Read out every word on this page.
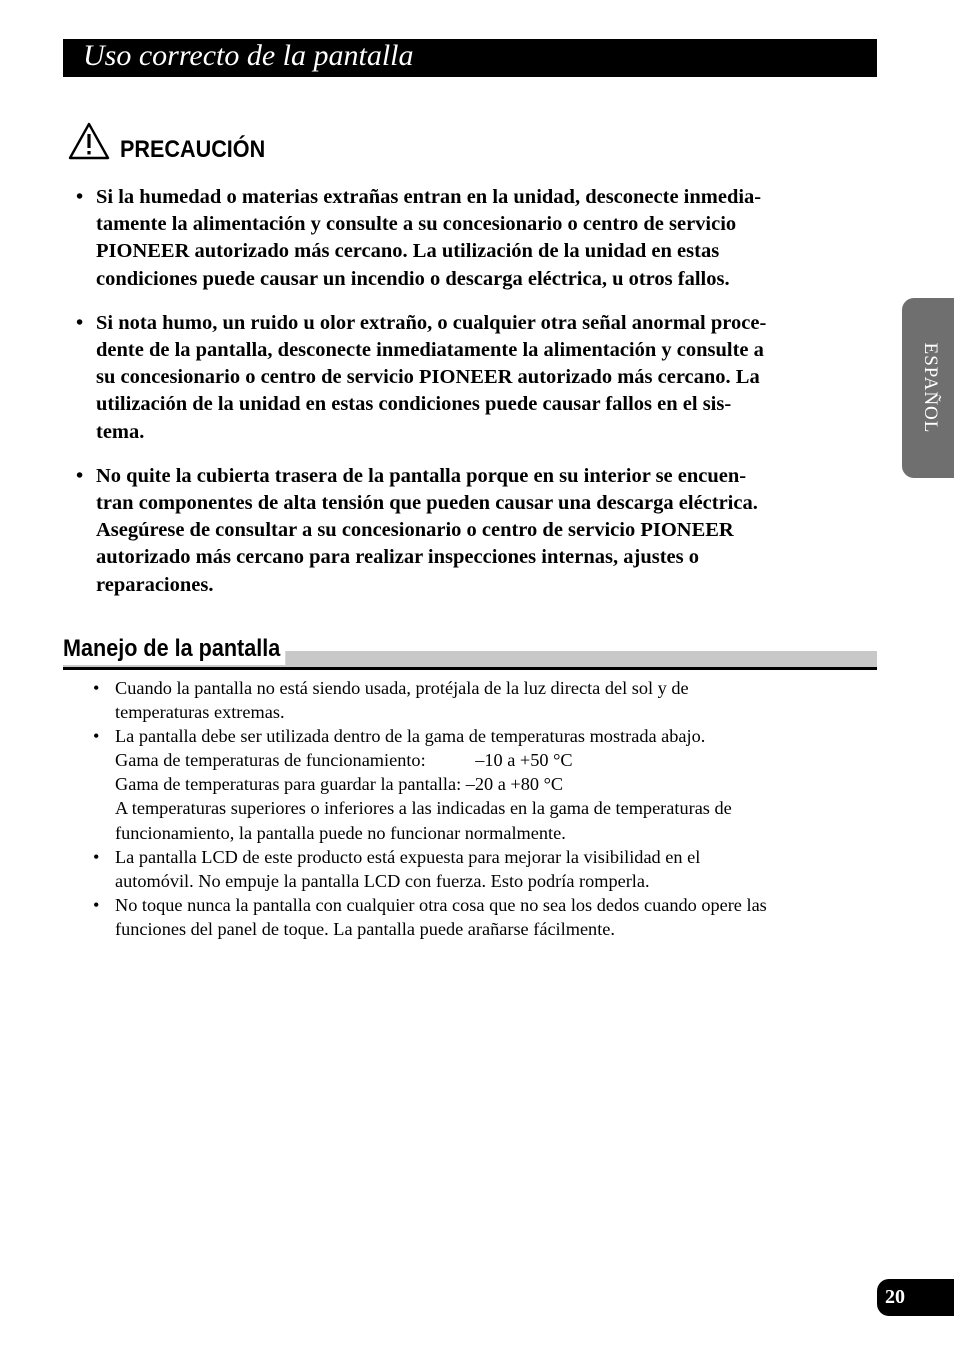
Uso correcto de la pantalla
PRECAUCIÓN
• Si la humedad o materias extrañas entran en la unidad, desconecte inmedia-
tamente la alimentación y consulte a su concesionario o centro de servicio
PIONEER autorizado más cercano. La utilización de la unidad en estas
condiciones puede causar un incendio o descarga eléctrica, u otros fallos.
• Si nota humo, un ruido u olor extraño, o cualquier otra señal anormal proce-
dente de la pantalla, desconecte inmediatamente la alimentación y consulte a
su concesionario o centro de servicio PIONEER autorizado más cercano. La
utilización de la unidad en estas condiciones puede causar fallos en el sis-
tema.
• No quite la cubierta trasera de la pantalla porque en su interior se encuen-
tran componentes de alta tensión que pueden causar una descarga eléctrica.
Asegúrese de consultar a su concesionario o centro de servicio PIONEER
autorizado más cercano para realizar inspecciones internas, ajustes o
reparaciones.
Manejo de la pantalla
• Cuando la pantalla no está siendo usada, protéjala de la luz directa del sol y de
temperaturas extremas.
• La pantalla debe ser utilizada dentro de la gama de temperaturas mostrada abajo.
Gama de temperaturas de funcionamiento:	–10 a +50 °C
Gama de temperaturas para guardar la pantalla: –20 a +80 °C
A temperaturas superiores o inferiores a las indicadas en la gama de temperaturas de
funcionamiento, la pantalla puede no funcionar normalmente.
• La pantalla LCD de este producto está expuesta para mejorar la visibilidad en el
automóvil. No empuje la pantalla LCD con fuerza. Esto podría romperla.
• No toque nunca la pantalla con cualquier otra cosa que no sea los dedos cuando opere las
funciones del panel de toque. La pantalla puede arañarse fácilmente.
ESPAÑOL
20
